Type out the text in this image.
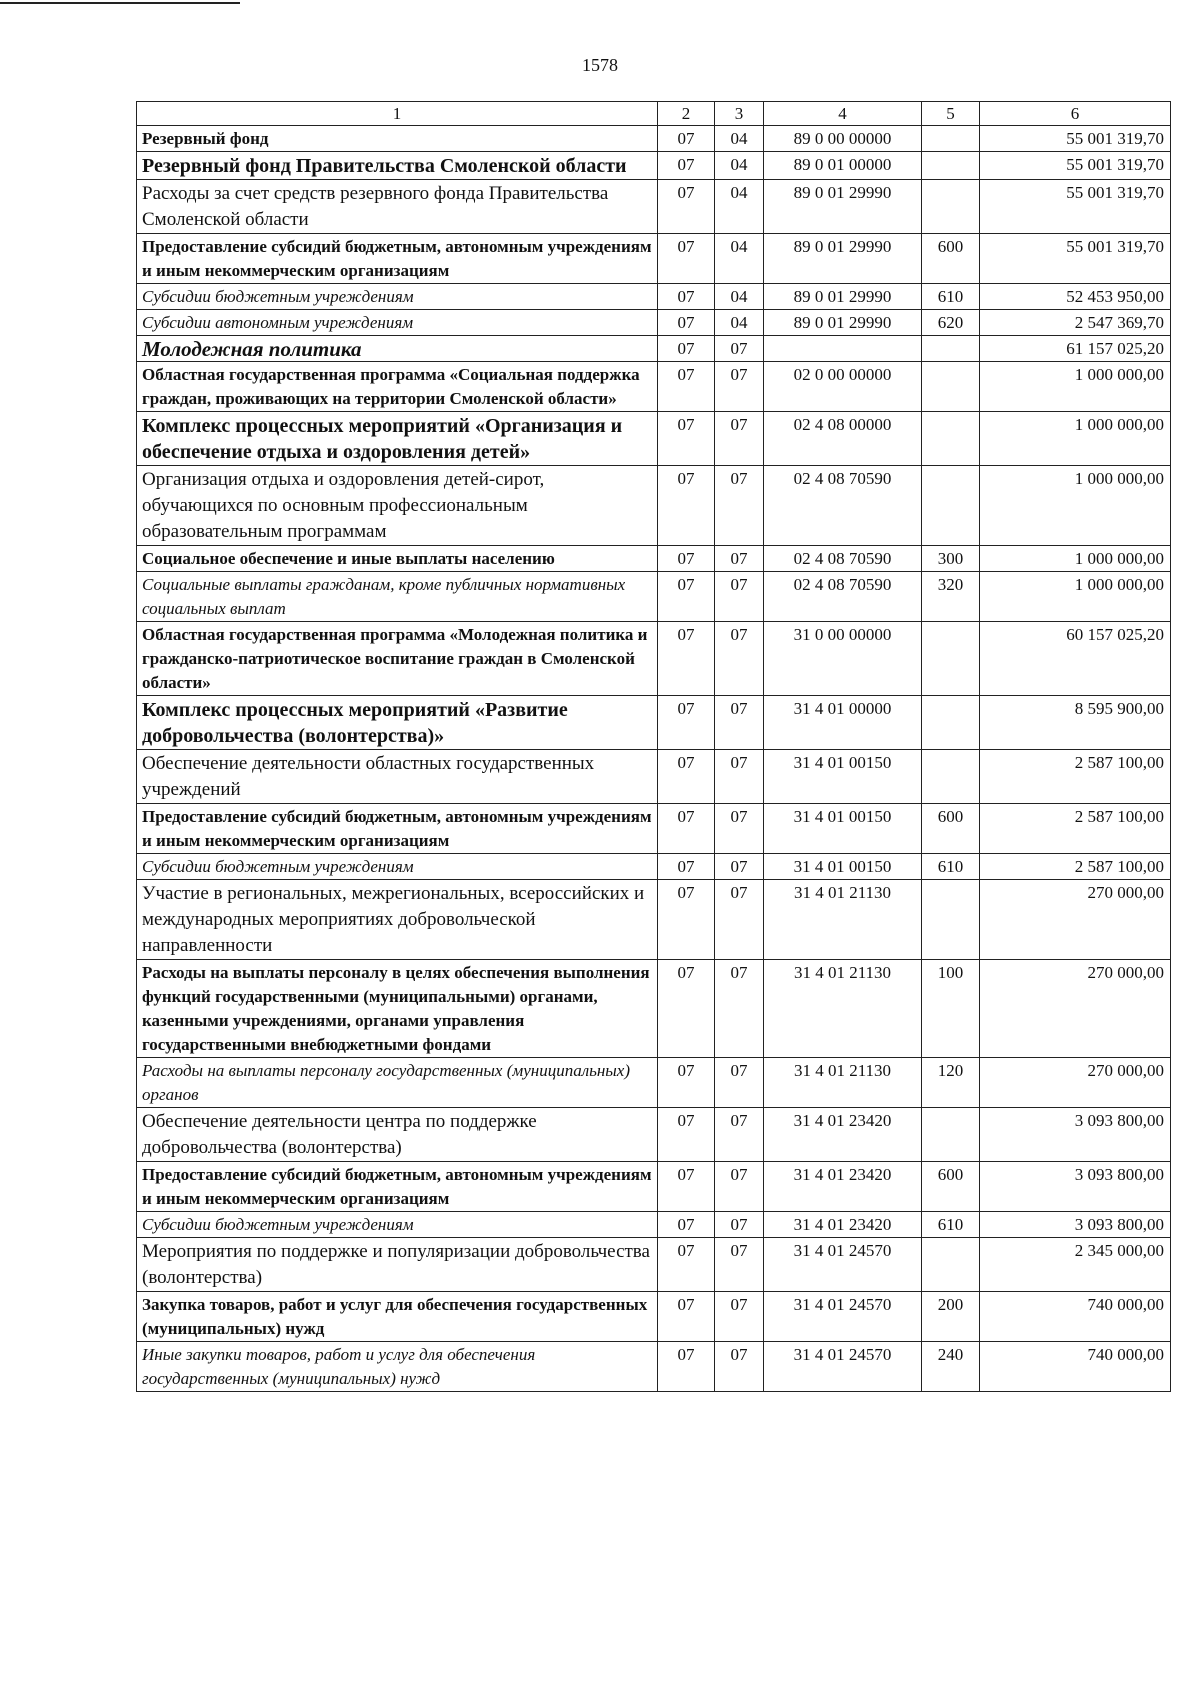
1578
1	2	3	4	5	6
Резервный фонд	07	04	89 0 00 00000		55 001 319,70
Резервный фонд Правительства Смоленской области	07	04	89 0 01 00000		55 001 319,70
Расходы за счет средств резервного фонда Правительства Смоленской области	07	04	89 0 01 29990		55 001 319,70
Предоставление субсидий бюджетным, автономным учреждениям и иным некоммерческим организациям	07	04	89 0 01 29990	600	55 001 319,70
Субсидии бюджетным учреждениям	07	04	89 0 01 29990	610	52 453 950,00
Субсидии автономным учреждениям	07	04	89 0 01 29990	620	2 547 369,70
Молодежная политика	07	07			61 157 025,20
Областная государственная программа «Социальная поддержка граждан, проживающих на территории Смоленской области»	07	07	02 0 00 00000		1 000 000,00
Комплекс процессных мероприятий «Организация и обеспечение отдыха и оздоровления детей»	07	07	02 4 08 00000		1 000 000,00
Организация отдыха и оздоровления детей-сирот, обучающихся по основным профессиональным образовательным программам	07	07	02 4 08 70590		1 000 000,00
Социальное обеспечение и иные выплаты населению	07	07	02 4 08 70590	300	1 000 000,00
Социальные выплаты гражданам, кроме публичных нормативных социальных выплат	07	07	02 4 08 70590	320	1 000 000,00
Областная государственная программа «Молодежная политика и гражданско-патриотическое воспитание граждан в Смоленской области»	07	07	31 0 00 00000		60 157 025,20
Комплекс процессных мероприятий «Развитие добровольчества (волонтерства)»	07	07	31 4 01 00000		8 595 900,00
Обеспечение деятельности областных государственных учреждений	07	07	31 4 01 00150		2 587 100,00
Предоставление субсидий бюджетным, автономным учреждениям и иным некоммерческим организациям	07	07	31 4 01 00150	600	2 587 100,00
Субсидии бюджетным учреждениям	07	07	31 4 01 00150	610	2 587 100,00
Участие в региональных, межрегиональных, всероссийских и международных мероприятиях добровольческой направленности	07	07	31 4 01 21130		270 000,00
Расходы на выплаты персоналу в целях обеспечения выполнения функций государственными (муниципальными) органами, казенными учреждениями, органами управления государственными внебюджетными фондами	07	07	31 4 01 21130	100	270 000,00
Расходы на выплаты персоналу государственных (муниципальных) органов	07	07	31 4 01 21130	120	270 000,00
Обеспечение деятельности центра по поддержке добровольчества (волонтерства)	07	07	31 4 01 23420		3 093 800,00
Предоставление субсидий бюджетным, автономным учреждениям и иным некоммерческим организациям	07	07	31 4 01 23420	600	3 093 800,00
Субсидии бюджетным учреждениям	07	07	31 4 01 23420	610	3 093 800,00
Мероприятия по поддержке и популяризации добровольчества (волонтерства)	07	07	31 4 01 24570		2 345 000,00
Закупка товаров, работ и услуг для обеспечения государственных (муниципальных) нужд	07	07	31 4 01 24570	200	740 000,00
Иные закупки товаров, работ и услуг для обеспечения государственных (муниципальных) нужд	07	07	31 4 01 24570	240	740 000,00
